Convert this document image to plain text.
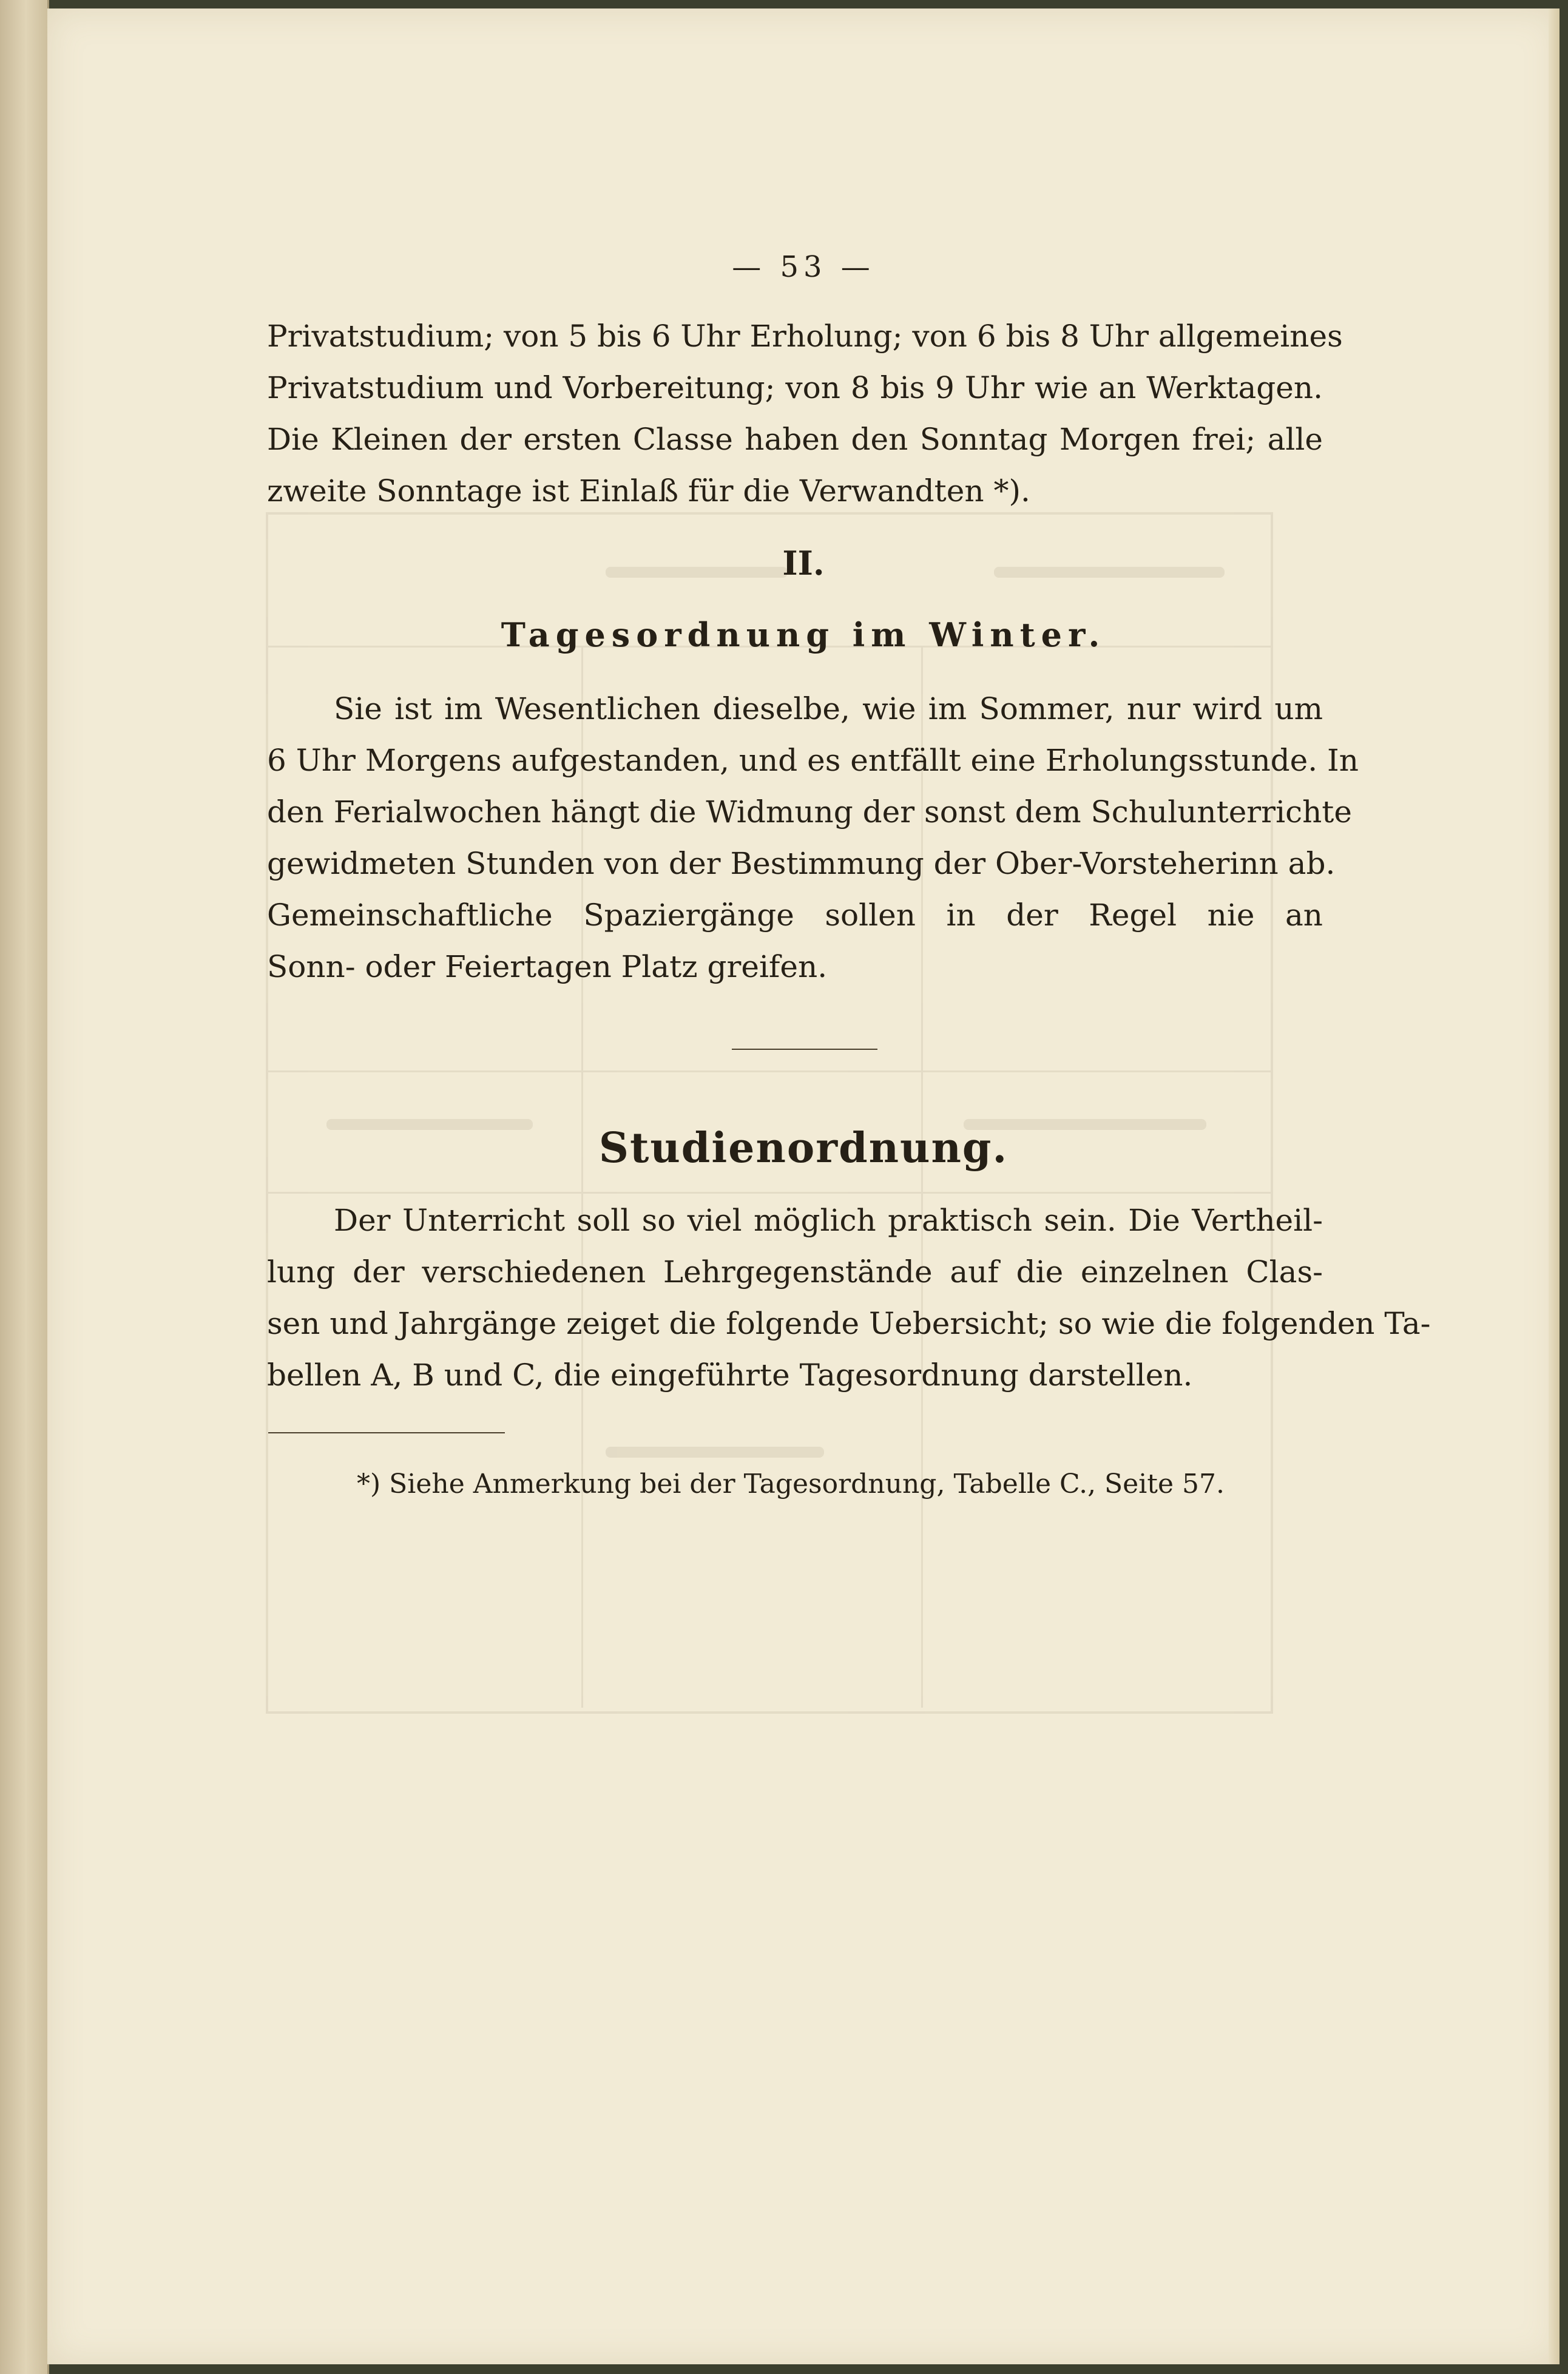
— 53 —
Privatstudium; von 5 bis 6 Uhr Erholung; von 6 bis 8 Uhr allgemeines
Privatstudium und Vorbereitung; von 8 bis 9 Uhr wie an Werktagen.
Die Kleinen der ersten Classe haben den Sonntag Morgen frei; alle
zweite Sonntage ist Einlaß für die Verwandten *).
II.
Tagesordnung im Winter.
Sie ist im Wesentlichen dieselbe, wie im Sommer, nur wird um
6 Uhr Morgens aufgestanden, und es entfällt eine Erholungsstunde. In
den Ferialwochen hängt die Widmung der sonst dem Schulunterrichte
gewidmeten Stunden von der Bestimmung der Ober-Vorsteherinn ab.
Gemeinschaftliche Spaziergänge sollen in der Regel nie an
Sonn- oder Feiertagen Platz greifen.
Studienordnung.
Der Unterricht soll so viel möglich praktisch sein. Die Vertheil-
lung der verschiedenen Lehrgegenstände auf die einzelnen Clas-
sen und Jahrgänge zeiget die folgende Uebersicht; so wie die folgenden Ta-
bellen A, B und C, die eingeführte Tagesordnung darstellen.
*) Siehe Anmerkung bei der Tagesordnung, Tabelle C., Seite 57.
